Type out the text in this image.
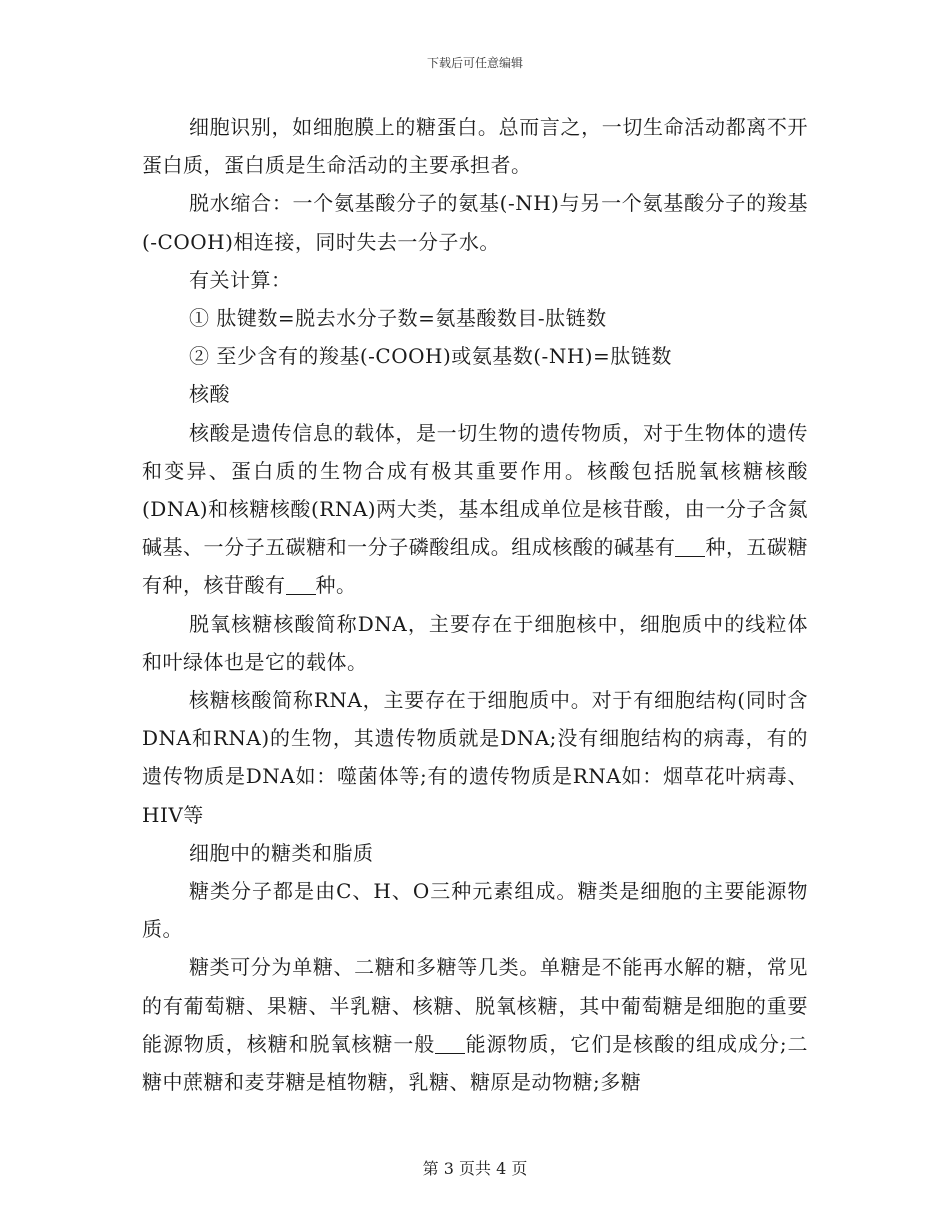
下载后可任意编辑

细胞识别，如细胞膜上的糖蛋白。总而言之，一切生命活动都离不开蛋白质，蛋白质是生命活动的主要承担者。

脱水缩合：一个氨基酸分子的氨基(-NH)与另一个氨基酸分子的羧基(-COOH)相连接，同时失去一分子水。

有关计算：

① 肽键数=脱去水分子数=氨基酸数目-肽链数

② 至少含有的羧基(-COOH)或氨基数(-NH)=肽链数

核酸

核酸是遗传信息的载体，是一切生物的遗传物质，对于生物体的遗传和变异、蛋白质的生物合成有极其重要作用。核酸包括脱氧核糖核酸(DNA)和核糖核酸(RNA)两大类，基本组成单位是核苷酸，由一分子含氮碱基、一分子五碳糖和一分子磷酸组成。组成核酸的碱基有 种，五碳糖有种，核苷酸有 种。

脱氧核糖核酸简称DNA，主要存在于细胞核中，细胞质中的线粒体和叶绿体也是它的载体。

核糖核酸简称RNA，主要存在于细胞质中。对于有细胞结构(同时含DNA和RNA)的生物，其遗传物质就是DNA;没有细胞结构的病毒，有的遗传物质是DNA如：噬菌体等;有的遗传物质是RNA如：烟草花叶病毒、HIV等

细胞中的糖类和脂质

糖类分子都是由C、H、O三种元素组成。糖类是细胞的主要能源物质。

糖类可分为单糖、二糖和多糖等几类。单糖是不能再水解的糖，常见的有葡萄糖、果糖、半乳糖、核糖、脱氧核糖，其中葡萄糖是细胞的重要能源物质，核糖和脱氧核糖一般 能源物质，它们是核酸的组成成分;二糖中蔗糖和麦芽糖是植物糖，乳糖、糖原是动物糖;多糖

第 3 页共 4 页
